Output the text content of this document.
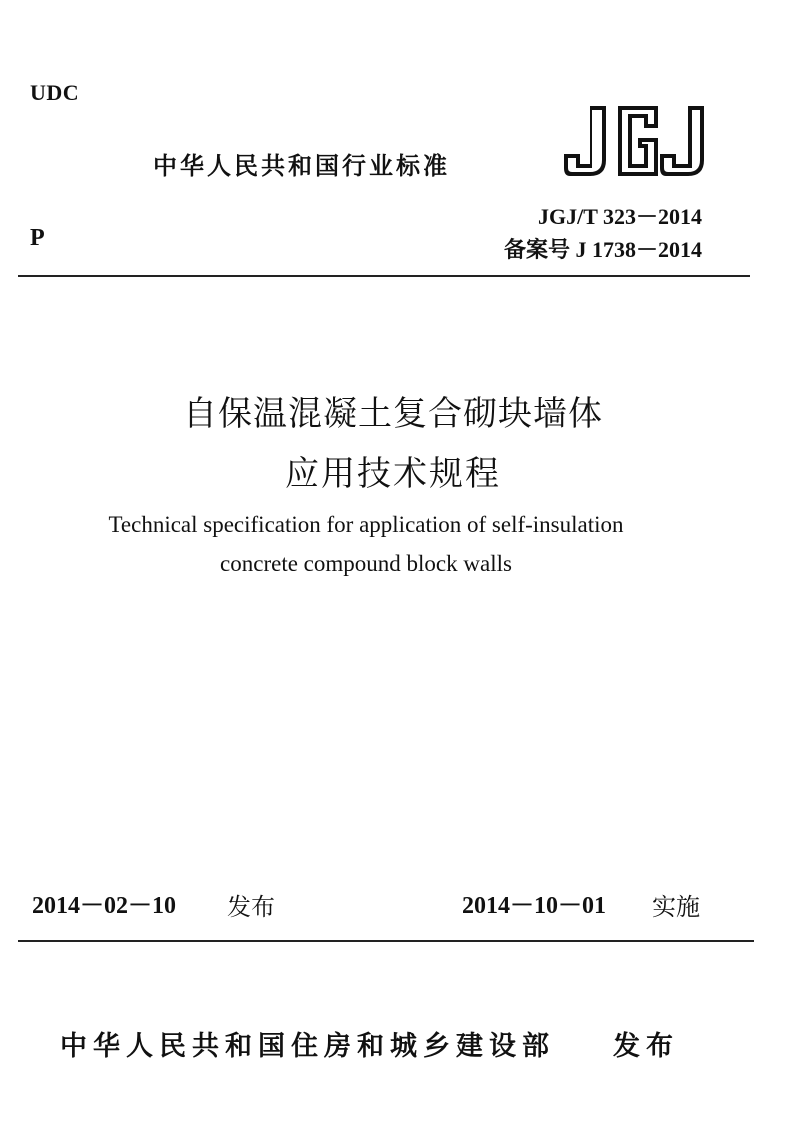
UDC
P
中华人民共和国行业标准
JGJ/T 323－2014
备案号 J 1738－2014
自保温混凝土复合砌块墙体
应用技术规程
Technical specification for application of self-insulation
concrete compound block walls
2014－02－10 发布	2014－10－01 实施
中华人民共和国住房和城乡建设部 发布
